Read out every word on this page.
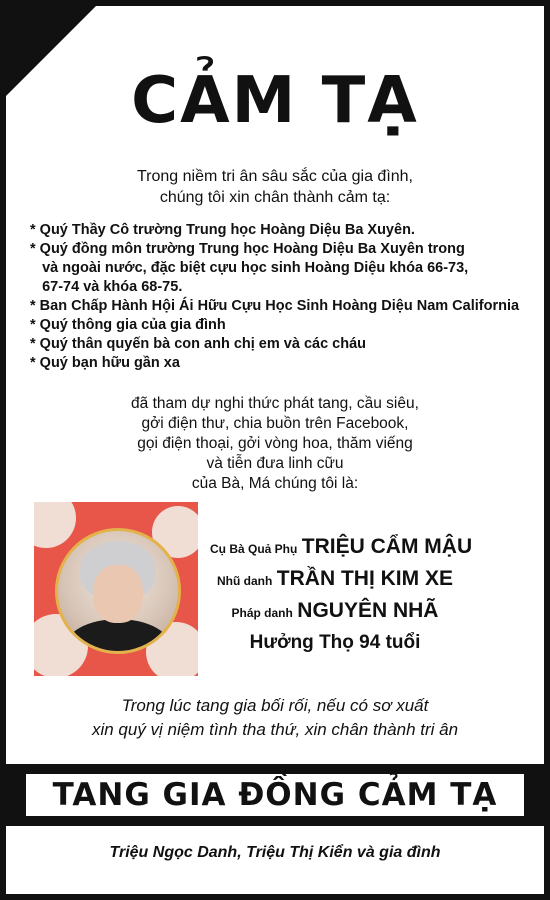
CẢM TẠ
Trong niềm tri ân sâu sắc của gia đình,
chúng tôi xin chân thành cảm tạ:
* Quý Thầy Cô trường Trung học Hoàng Diệu Ba Xuyên.
* Quý đồng môn trường Trung học Hoàng Diệu Ba Xuyên trong
và ngoài nước, đặc biệt cựu học sinh Hoàng Diệu khóa 66-73,
67-74 và khóa 68-75.
* Ban Chấp Hành Hội Ái Hữu Cựu Học Sinh Hoàng Diệu Nam California
* Quý thông gia của gia đình
* Quý thân quyến bà con anh chị em và các cháu
* Quý bạn hữu gần xa
đã tham dự nghi thức phát tang, cầu siêu,
gởi điện thư, chia buồn trên Facebook,
gọi điện thoại, gởi vòng hoa, thăm viếng
và tiễn đưa linh cữu
của Bà, Má chúng tôi là:
Cụ Bà Quả Phụ TRIỆU CẨM MẬU
Nhũ danh TRẦN THỊ KIM XE
Pháp danh NGUYÊN NHÃ
Hưởng Thọ 94 tuổi
Trong lúc tang gia bối rối, nếu có sơ xuất
xin quý vị niệm tình tha thứ, xin chân thành tri ân
TANG GIA ĐỒNG CẢM TẠ
Triệu Ngọc Danh, Triệu Thị Kiển và gia đình
